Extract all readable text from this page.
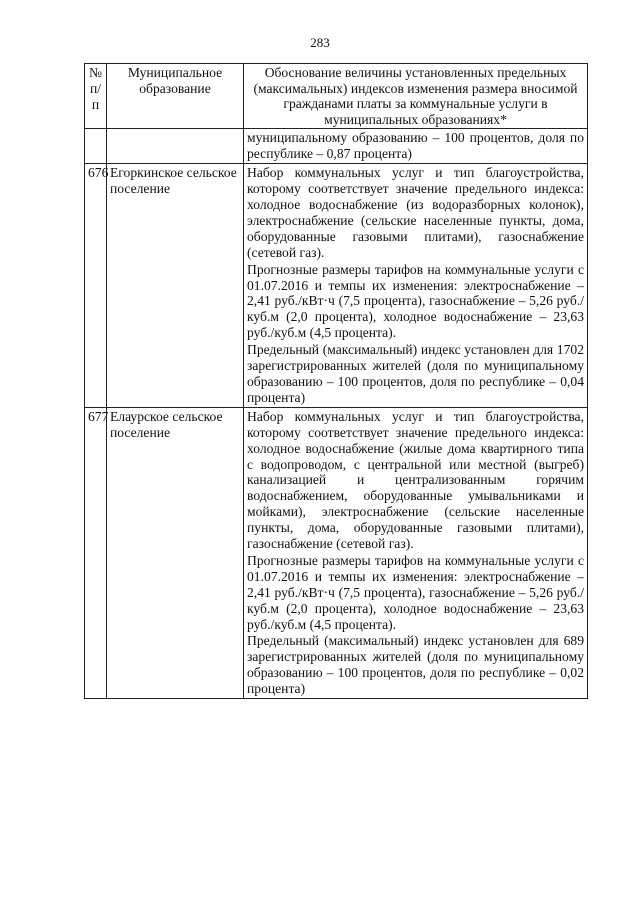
283
№ п/п	Муниципальное образование	Обоснование величины установленных предельных (максимальных) индексов изменения размера вносимой гражданами платы за коммунальные услуги в муниципальных образованиях*
		муниципальному образованию – 100 процентов, доля по республике – 0,87 процента)
676	Егоркинское сельское поселение	Набор коммунальных услуг и тип благоустройства, которому соответствует значение предельного индекса: холодное водоснабжение (из водоразборных колонок), электроснабжение (сельские населенные пункты, дома, оборудованные газовыми плитами), газоснабжение (сетевой газ).
Прогнозные размеры тарифов на коммунальные услуги с 01.07.2016 и темпы их изменения: электроснабжение – 2,41 руб./кВт·ч (7,5 процента), газоснабжение – 5,26 руб./куб.м (2,0 процента), холодное водоснабжение – 23,63 руб./куб.м (4,5 процента).
Предельный (максимальный) индекс установлен для 1702 зарегистрированных жителей (доля по муниципальному образованию – 100 процентов, доля по республике – 0,04 процента)

677	Елаурское сельское поселение	Набор коммунальных услуг и тип благоустройства, которому соответствует значение предельного индекса: холодное водоснабжение (жилые дома квартирного типа с водопроводом, с центральной или местной (выгреб) канализацией и централизованным горячим водоснабжением, оборудованные умывальниками и мойками), электроснабжение (сельские населенные пункты, дома, оборудованные газовыми плитами), газоснабжение (сетевой газ).
Прогнозные размеры тарифов на коммунальные услуги с 01.07.2016 и темпы их изменения: электроснабжение – 2,41 руб./кВт·ч (7,5 процента), газоснабжение – 5,26 руб./куб.м (2,0 процента), холодное водоснабжение – 23,63 руб./куб.м (4,5 процента).
Предельный (максимальный) индекс установлен для 689 зарегистрированных жителей (доля по муниципальному образованию – 100 процентов, доля по республике – 0,02 процента)
